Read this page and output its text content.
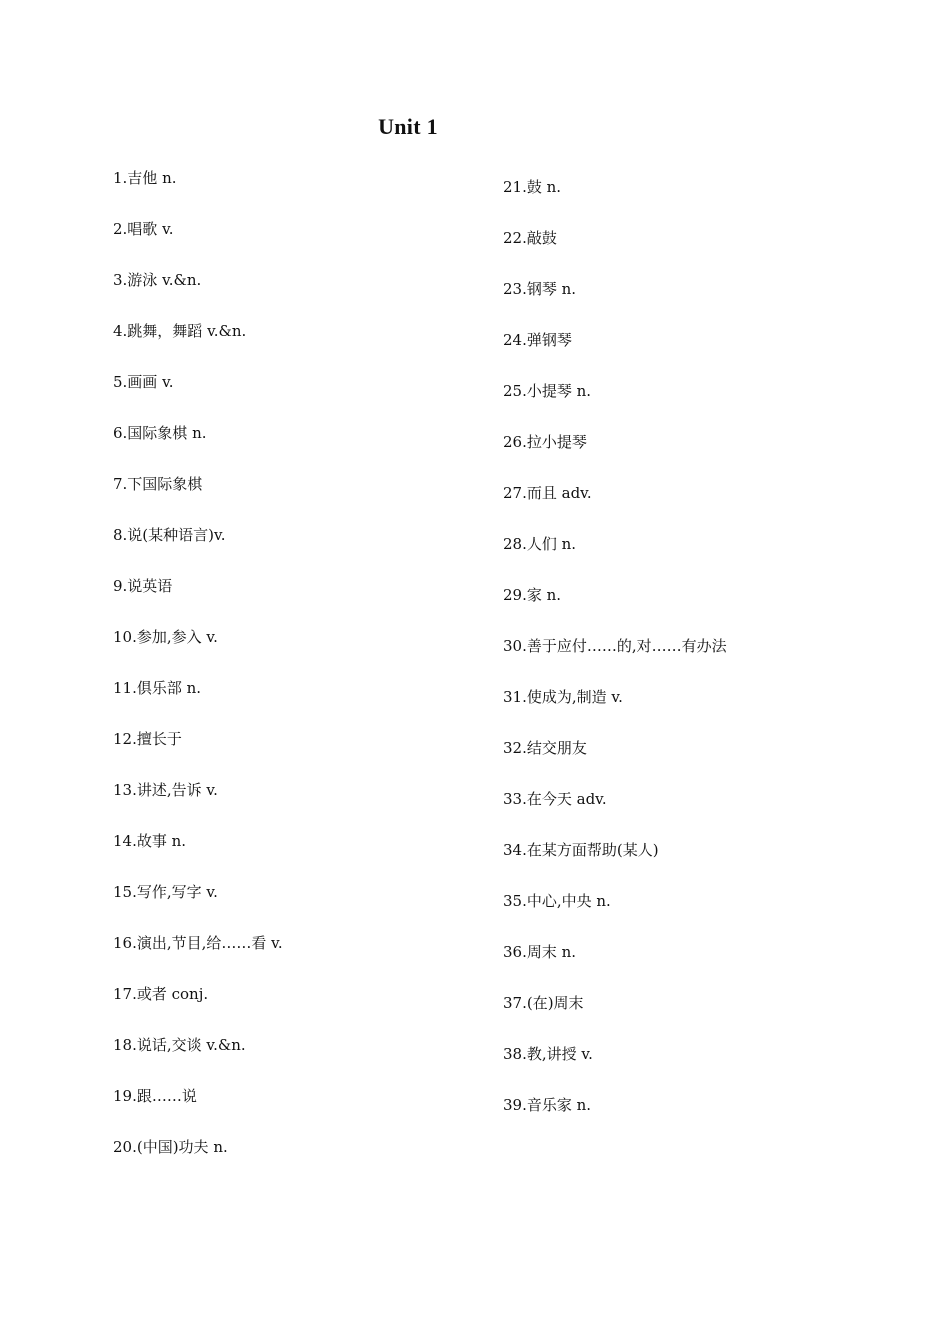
Unit 1
1.吉他 n.
2.唱歌 v.
3.游泳 v.&n.
4.跳舞，舞蹈 v.&n.
5.画画 v.
6.国际象棋 n.
7.下国际象棋
8.说(某种语言)v.
9.说英语
10.参加,参入 v.
11.俱乐部 n.
12.擅长于
13.讲述,告诉 v.
14.故事 n.
15.写作,写字 v.
16.演出,节目,给……看 v.
17.或者 conj.
18.说话,交谈 v.&n.
19.跟……说
20.(中国)功夫 n.
21.鼓 n.
22.敲鼓
23.钢琴 n.
24.弹钢琴
25.小提琴 n.
26.拉小提琴
27.而且 adv.
28.人们 n.
29.家 n.
30.善于应付……的,对……有办法
31.使成为,制造 v.
32.结交朋友
33.在今天 adv.
34.在某方面帮助(某人)
35.中心,中央 n.
36.周末 n.
37.(在)周末
38.教,讲授 v.
39.音乐家 n.
